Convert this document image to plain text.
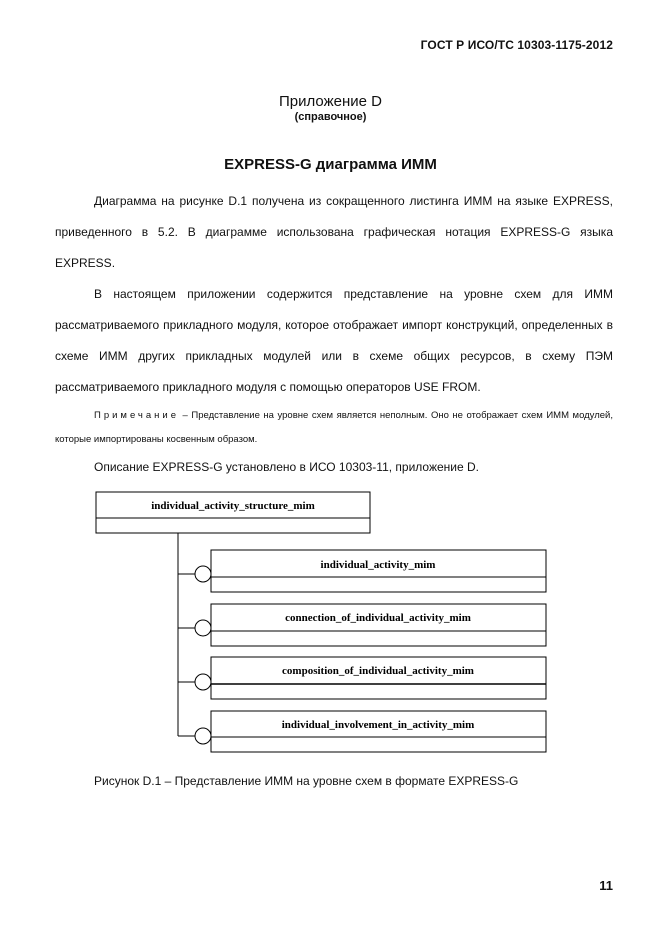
ГОСТ Р ИСО/ТС 10303-1175-2012
Приложение D
(справочное)
EXPRESS-G диаграмма ИММ
Диаграмма на рисунке D.1 получена из сокращенного листинга ИММ на языке EXPRESS, приведенного в 5.2. В диаграмме использована графическая нотация EXPRESS-G языка EXPRESS.
В настоящем приложении содержится представление на уровне схем для ИММ рассматриваемого прикладного модуля, которое отображает импорт конструкций, определенных в схеме ИММ других прикладных модулей или в схеме общих ресурсов, в схему ПЭМ рассматриваемого прикладного модуля с помощью операторов USE FROM.
Примечание – Представление на уровне схем является неполным. Оно не отображает схем ИММ модулей, которые импортированы косвенным образом.
Описание EXPRESS-G установлено в ИСО 10303-11, приложение D.
individual_activity_structure_mim
individual_activity_mim
connection_of_individual_activity_mim
composition_of_individual_activity_mim
individual_involvement_in_activity_mim
Рисунок D.1 – Представление ИММ на уровне схем в формате EXPRESS-G
11
